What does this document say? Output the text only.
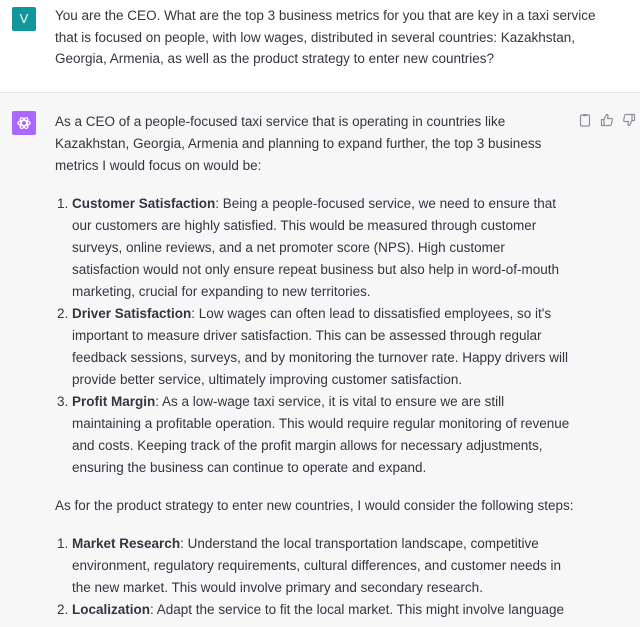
V	You are the CEO. What are the top 3 business metrics for you that are key in a taxi service that is focused on people, with low wages, distributed in several countries: Kazakhstan, Georgia, Armenia, as well as the product strategy to enter new countries?

As a CEO of a people-focused taxi service that is operating in countries like Kazakhstan, Georgia, Armenia and planning to expand further, the top 3 business metrics I would focus on would be:

1. Customer Satisfaction: Being a people-focused service, we need to ensure that our customers are highly satisfied. This would be measured through customer surveys, online reviews, and a net promoter score (NPS). High customer satisfaction would not only ensure repeat business but also help in word-of-mouth marketing, crucial for expanding to new territories.
2. Driver Satisfaction: Low wages can often lead to dissatisfied employees, so it's important to measure driver satisfaction. This can be assessed through regular feedback sessions, surveys, and by monitoring the turnover rate. Happy drivers will provide better service, ultimately improving customer satisfaction.
3. Profit Margin: As a low-wage taxi service, it is vital to ensure we are still maintaining a profitable operation. This would require regular monitoring of revenue and costs. Keeping track of the profit margin allows for necessary adjustments, ensuring the business can continue to operate and expand.

As for the product strategy to enter new countries, I would consider the following steps:

1. Market Research: Understand the local transportation landscape, competitive environment, regulatory requirements, cultural differences, and customer needs in the new market. This would involve primary and secondary research.
2. Localization: Adapt the service to fit the local market. This might involve language
